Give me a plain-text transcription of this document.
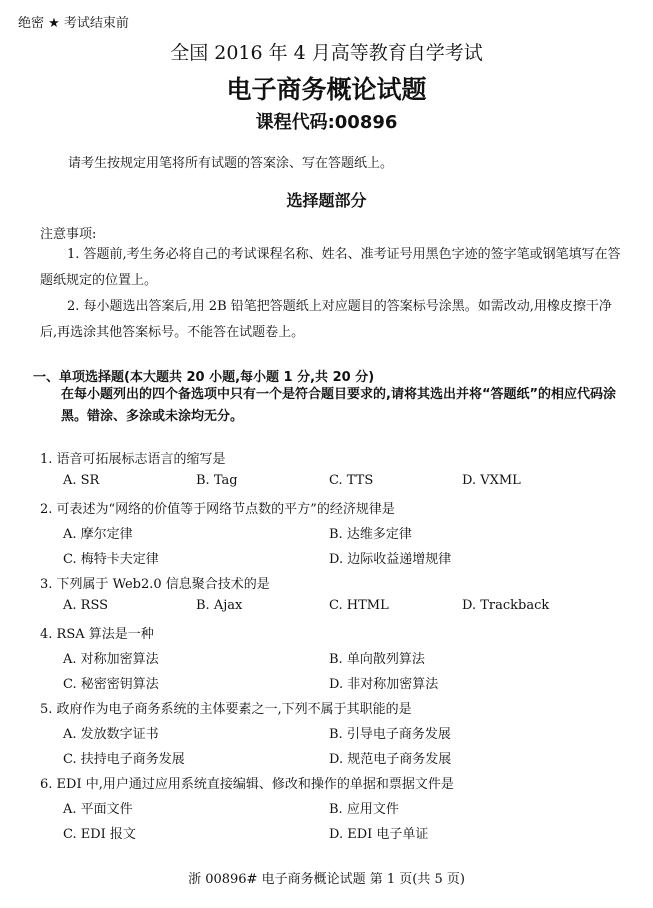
绝密 ★ 考试结束前
全国 2016 年 4 月高等教育自学考试
电子商务概论试题
课程代码:00896
请考生按规定用笔将所有试题的答案涂、写在答题纸上。
选择题部分
注意事项:
1. 答题前,考生务必将自己的考试课程名称、姓名、准考证号用黑色字迹的签字笔或钢笔填写在答题纸规定的位置上。
2. 每小题选出答案后,用 2B 铅笔把答题纸上对应题目的答案标号涂黑。如需改动,用橡皮擦干净后,再选涂其他答案标号。不能答在试题卷上。
一、单项选择题(本大题共 20 小题,每小题 1 分,共 20 分)
在每小题列出的四个备选项中只有一个是符合题目要求的,请将其选出并将“答题纸”的相应代码涂黑。错涂、多涂或未涂均无分。
1. 语音可拓展标志语言的缩写是
A. SR	B. Tag	C. TTS	D. VXML
2. 可表述为“网络的价值等于网络节点数的平方”的经济规律是
A. 摩尔定律	B. 达维多定律
C. 梅特卡夫定律	D. 边际收益递增规律
3. 下列属于 Web2.0 信息聚合技术的是
A. RSS	B. Ajax	C. HTML	D. Trackback
4. RSA 算法是一种
A. 对称加密算法	B. 单向散列算法
C. 秘密密钥算法	D. 非对称加密算法
5. 政府作为电子商务系统的主体要素之一,下列不属于其职能的是
A. 发放数字证书	B. 引导电子商务发展
C. 扶持电子商务发展	D. 规范电子商务发展
6. EDI 中,用户通过应用系统直接编辑、修改和操作的单据和票据文件是
A. 平面文件	B. 应用文件
C. EDI 报文	D. EDI 电子单证
浙 00896# 电子商务概论试题 第 1 页(共 5 页)
